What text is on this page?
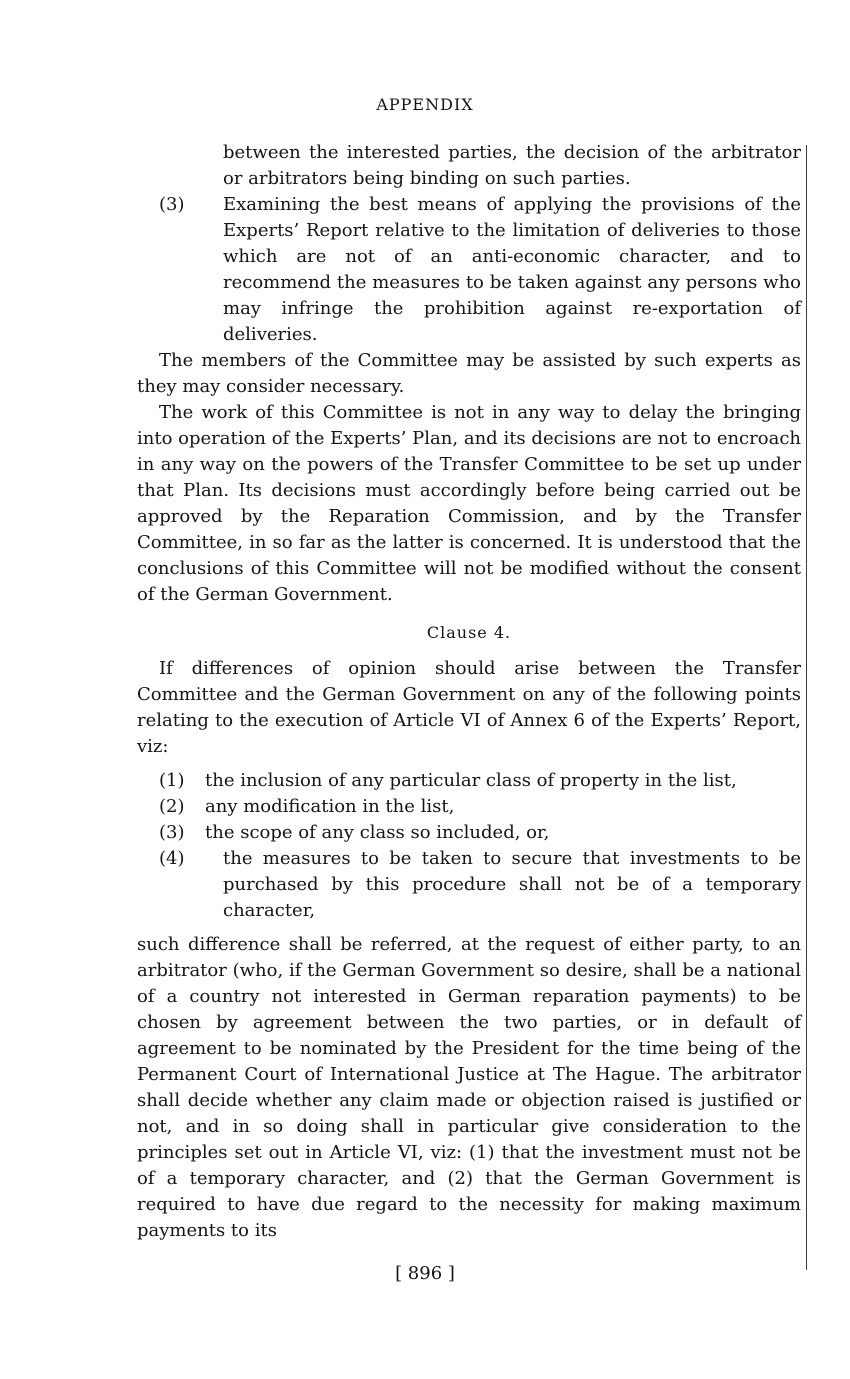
APPENDIX

between the interested parties, the decision of the arbitrator or arbitrators being binding on such parties.

(3) Examining the best means of applying the provisions of the Experts’ Report relative to the limitation of deliveries to those which are not of an anti-economic character, and to recommend the measures to be taken against any persons who may infringe the prohibition against re-exportation of deliveries.

The members of the Committee may be assisted by such experts as they may consider necessary.

The work of this Committee is not in any way to delay the bringing into operation of the Experts’ Plan, and its decisions are not to encroach in any way on the powers of the Transfer Committee to be set up under that Plan. Its decisions must accordingly before being carried out be approved by the Reparation Commission, and by the Transfer Committee, in so far as the latter is concerned. It is understood that the conclusions of this Committee will not be modified without the consent of the German Government.

Clause 4.

If differences of opinion should arise between the Transfer Committee and the German Government on any of the following points relating to the execution of Article VI of Annex 6 of the Experts’ Report, viz:

(1) the inclusion of any particular class of property in the list,

(2) any modification in the list,

(3) the scope of any class so included, or,

(4) the measures to be taken to secure that investments to be purchased by this procedure shall not be of a temporary character,

such difference shall be referred, at the request of either party, to an arbitrator (who, if the German Government so desire, shall be a national of a country not interested in German reparation payments) to be chosen by agreement between the two parties, or in default of agreement to be nominated by the President for the time being of the Permanent Court of International Justice at The Hague. The arbitrator shall decide whether any claim made or objection raised is justified or not, and in so doing shall in particular give consideration to the principles set out in Article VI, viz: (1) that the investment must not be of a temporary character, and (2) that the German Government is required to have due regard to the necessity for making maximum payments to its

[ 896 ]
